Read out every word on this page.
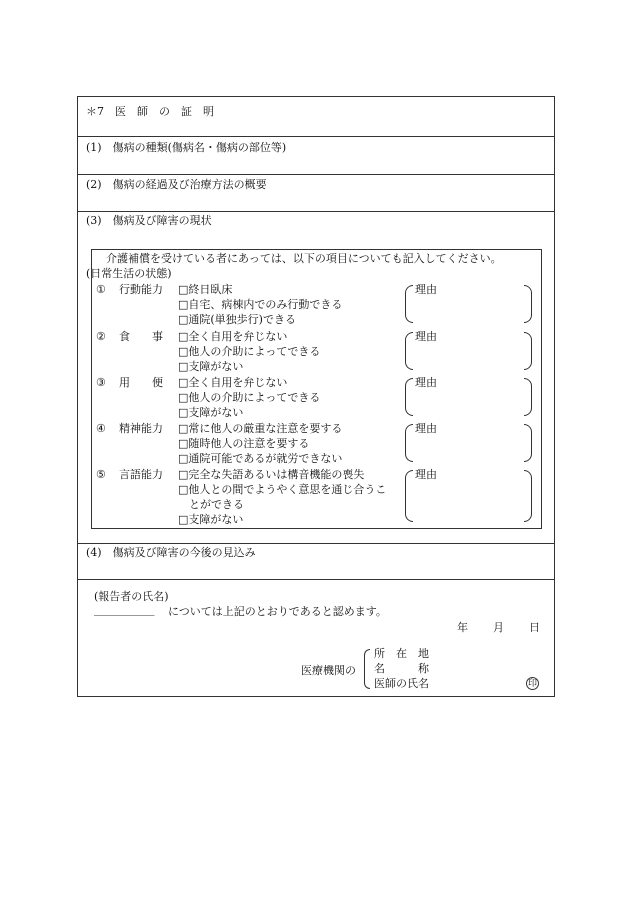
＊7　医　師　の　証　明
(1)　傷病の種類(傷病名・傷病の部位等)
(2)　傷病の経過及び治療方法の概要
(3)　傷病及び障害の現状
介護補償を受けている者にあっては、以下の項目についても記入してください。
(日常生活の状態)
① 行動能力 □終日臥床
□自宅、病棟内でのみ行動できる
□通院(単独歩行)できる
理由
② 食　　事 □全く自用を弁じない
□他人の介助によってできる
□支障がない
理由
③ 用　　便 □全く自用を弁じない
□他人の介助によってできる
□支障がない
理由
④ 精神能力 □常に他人の厳重な注意を要する
□随時他人の注意を要する
□通院可能であるが就労できない
理由
⑤ 言語能力 □完全な失語あるいは構音機能の喪失
□他人との間でようやく意思を通じ合うこ
とができる
□支障がない
理由
(4)　傷病及び障害の今後の見込み
(報告者の氏名)
___________ については上記のとおりであると認めます。
年 月 日
医療機関の
所　在　地
名　　　称
医師の氏名	印
